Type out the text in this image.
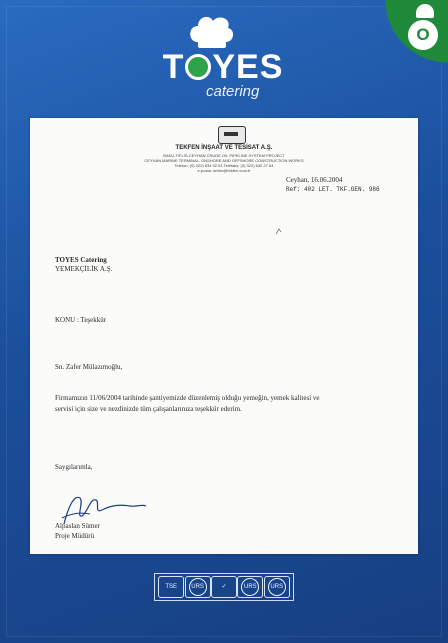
O
T YES
catering
TEKFEN İNŞAAT VE TESİSAT A.Ş.
BAKÜ-TİFLİS-CEYHAN CRUDE OIL PIPELINE SYSTEM PROJECT
CEYHAN MARINE TERMINAL, ONSHORE AND OFFSHORE CONSTRUCTION WORKS
Telefon: (0) 322) 634 02 51 Telefaks: (0) 322) 630 27 64
e-posta: erbhn@tekfen.com.tr
Ceyhan, 16.06.2004
Ref: 402 LET. TKF.GEN. 986
TOYES Catering
YEMEKÇİLİK A.Ş.
KONU : Teşekkür
Sn. Zafer Mülazımoğlu,
Firmamızın 11/06/2004 tarihinde şantiyemizde düzenlemiş olduğu yemeğin, yemek kalitesi ve
servisi için size ve nezdinizde tüm çalışanlarınıza teşekkür ederim.
Saygılarımla,
Alpaslan Sümer
Proje Müdürü
TSE URS	✓	URS URS
